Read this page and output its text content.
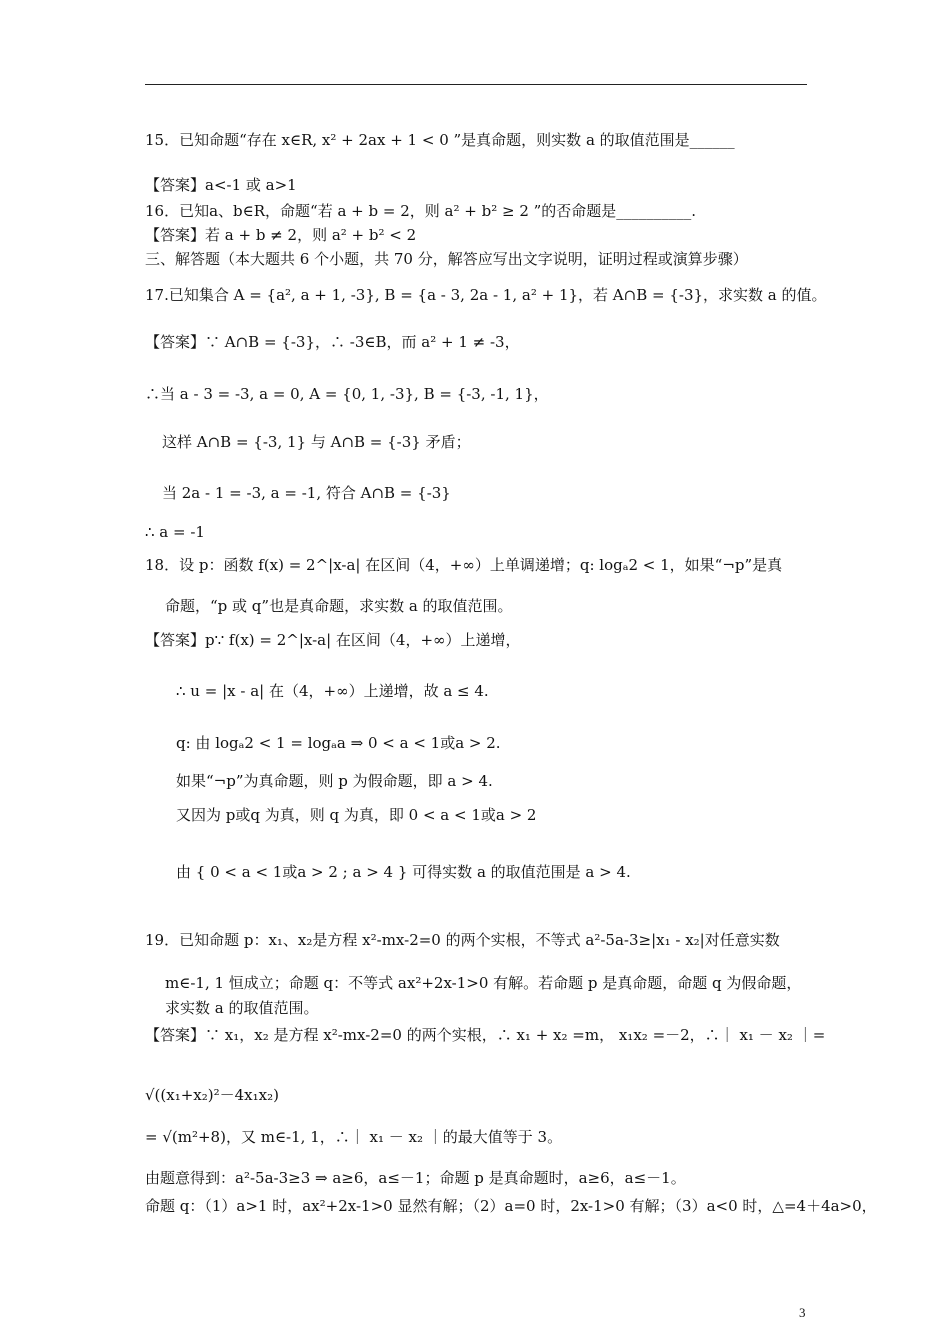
15．已知命题“存在 x∈R, x² + 2ax + 1 < 0 ”是真命题，则实数 a 的取值范围是______
【答案】a<-1 或 a>1
16．已知a、b∈R，命题“若 a + b = 2，则 a² + b² ≥ 2 ”的否命题是__________.
【答案】若 a + b ≠ 2，则 a² + b² < 2
三、解答题（本大题共 6 个小题，共 70 分，解答应写出文字说明，证明过程或演算步骤）
17.已知集合 A = {a², a + 1, -3}, B = {a - 3, 2a - 1, a² + 1}，若 A∩B = {-3}，求实数 a 的值。
【答案】∵ A∩B = {-3}，∴ -3∈B，而 a² + 1 ≠ -3，
∴当 a - 3 = -3, a = 0, A = {0, 1, -3}, B = {-3, -1, 1}，
这样 A∩B = {-3, 1} 与 A∩B = {-3} 矛盾；
当 2a - 1 = -3, a = -1, 符合 A∩B = {-3}
∴ a = -1
18．设 p：函数 f(x) = 2^|x-a| 在区间（4，+∞）上单调递增；q: logₐ2 < 1，如果“¬p”是真
命题，“p 或 q”也是真命题，求实数 a 的取值范围。
【答案】p∵ f(x) = 2^|x-a| 在区间（4，+∞）上递增，
∴ u = |x - a| 在（4，+∞）上递增，故 a ≤ 4.
q: 由 logₐ2 < 1 = logₐa ⇒ 0 < a < 1或a > 2.
如果“¬p”为真命题，则 p 为假命题，即 a > 4.
又因为 p或q 为真，则 q 为真，即 0 < a < 1或a > 2
由 { 0 < a < 1或a > 2 ; a > 4 } 可得实数 a 的取值范围是 a > 4.
19．已知命题 p：x₁、x₂是方程 x²-mx-2=0 的两个实根，不等式 a²-5a-3≥|x₁ - x₂|对任意实数
m∈-1, 1 恒成立；命题 q：不等式 ax²+2x-1>0 有解。若命题 p 是真命题，命题 q 为假命题，
求实数 a 的取值范围。
【答案】∵ x₁，x₂ 是方程 x²-mx-2=0 的两个实根，∴ x₁ + x₂ =m， x₁x₂ =－2，∴｜ x₁ － x₂ ｜=
√((x₁+x₂)²－4x₁x₂)
= √(m²+8)，又 m∈-1, 1，∴｜ x₁ － x₂ ｜的最大值等于 3。
由题意得到：a²-5a-3≥3 ⇒ a≥6，a≤－1；命题 p 是真命题时，a≥6，a≤－1。
命题 q：（1）a>1 时，ax²+2x-1>0 显然有解；（2）a=0 时，2x-1>0 有解；（3）a<0 时，△=4＋4a>0，
3
